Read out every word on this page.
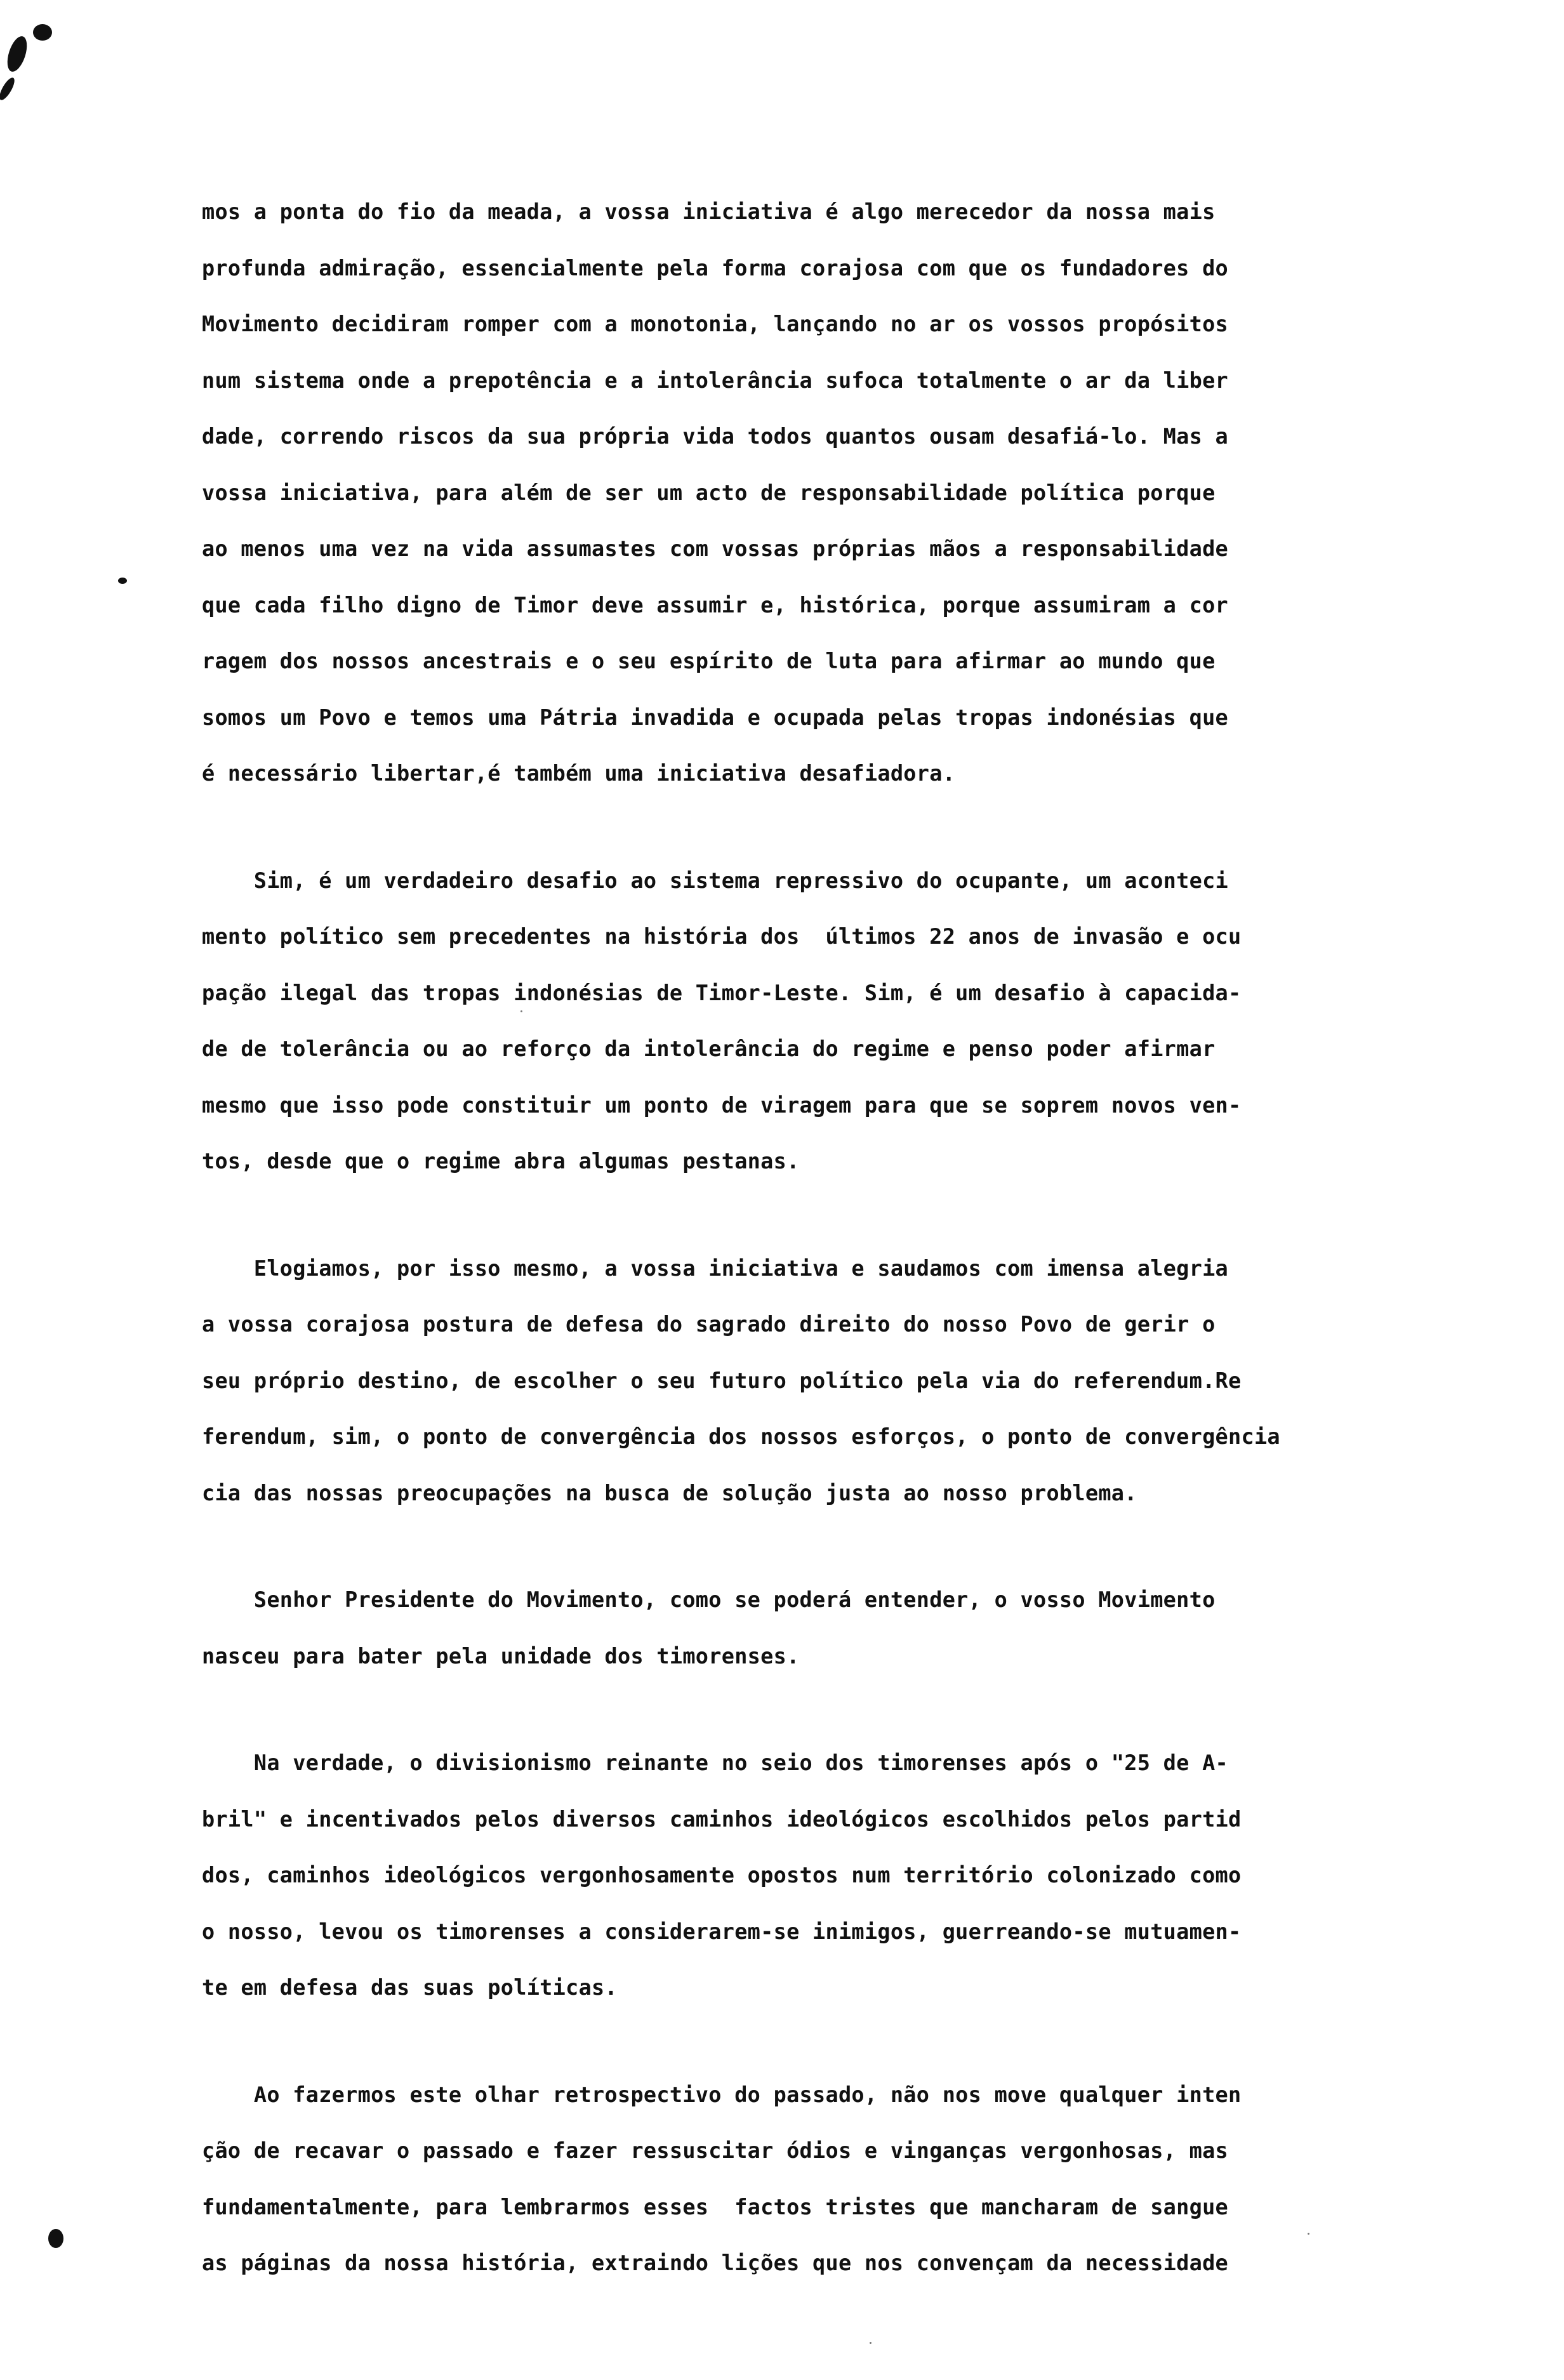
mos a ponta do fio da meada, a vossa iniciativa é algo merecedor da nossa mais
profunda admiração, essencialmente pela forma corajosa com que os fundadores do
Movimento decidiram romper com a monotonia, lançando no ar os vossos propósitos
num sistema onde a prepotência e a intolerância sufoca totalmente o ar da liber
dade, correndo riscos da sua própria vida todos quantos ousam desafiá-lo. Mas a
vossa iniciativa, para além de ser um acto de responsabilidade política porque
ao menos uma vez na vida assumastes com vossas próprias mãos a responsabilidade
que cada filho digno de Timor deve assumir e, histórica, porque assumiram a cor
ragem dos nossos ancestrais e o seu espírito de luta para afirmar ao mundo que
somos um Povo e temos uma Pátria invadida e ocupada pelas tropas indonésias que
é necessário libertar,é também uma iniciativa desafiadora.
Sim, é um verdadeiro desafio ao sistema repressivo do ocupante, um aconteci
mento político sem precedentes na história dos  últimos 22 anos de invasão e ocu
pação ilegal das tropas indonésias de Timor-Leste. Sim, é um desafio à capacida-
de de tolerância ou ao reforço da intolerância do regime e penso poder afirmar
mesmo que isso pode constituir um ponto de viragem para que se soprem novos ven-
tos, desde que o regime abra algumas pestanas.
Elogiamos, por isso mesmo, a vossa iniciativa e saudamos com imensa alegria
a vossa corajosa postura de defesa do sagrado direito do nosso Povo de gerir o
seu próprio destino, de escolher o seu futuro político pela via do referendum.Re
ferendum, sim, o ponto de convergência dos nossos esforços, o ponto de convergência
cia das nossas preocupações na busca de solução justa ao nosso problema.
Senhor Presidente do Movimento, como se poderá entender, o vosso Movimento
nasceu para bater pela unidade dos timorenses.
Na verdade, o divisionismo reinante no seio dos timorenses após o "25 de A-
bril" e incentivados pelos diversos caminhos ideológicos escolhidos pelos partid
dos, caminhos ideológicos vergonhosamente opostos num território colonizado como
o nosso, levou os timorenses a considerarem-se inimigos, guerreando-se mutuamen-
te em defesa das suas políticas.
Ao fazermos este olhar retrospectivo do passado, não nos move qualquer inten
ção de recavar o passado e fazer ressuscitar ódios e vinganças vergonhosas, mas
fundamentalmente, para lembrarmos esses  factos tristes que mancharam de sangue
as páginas da nossa história, extraindo lições que nos convençam da necessidade
